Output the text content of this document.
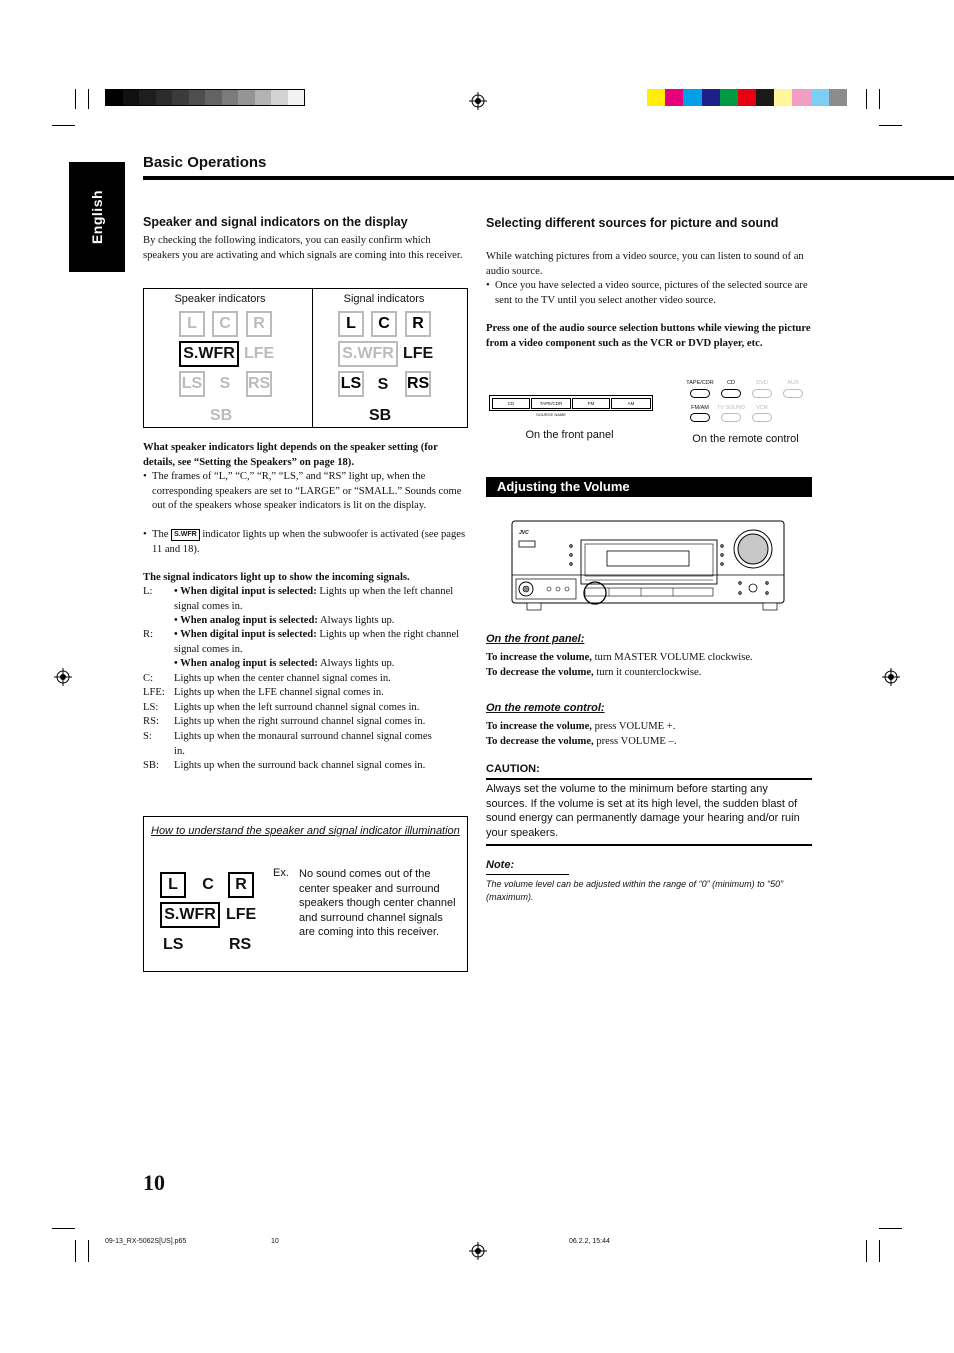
English
Basic Operations
Speaker and signal indicators on the display
By checking the following indicators, you can easily confirm which speakers you are activating and which signals are coming into this receiver.
Speaker indicators	Signal indicators
L	C	R
S.WFR LFE
LS S RS
SB
L	C	R
S.WFR LFE
LS S RS
SB
What speaker indicators light depends on the speaker setting (for details, see “Setting the Speakers” on page 18).
• The frames of “L,” “C,” “R,” “LS,” and “RS” light up, when the corresponding speakers are set to “LARGE” or “SMALL.” Sounds come out of the speakers whose speaker indicators is lit on the display.
• The S.WFR indicator lights up when the subwoofer is activated (see pages 11 and 18).
The signal indicators light up to show the incoming signals.
L: • When digital input is selected: Lights up when the left channel signal comes in.
• When analog input is selected: Always lights up.
R: • When digital input is selected: Lights up when the right channel signal comes in.
• When analog input is selected: Always lights up.
C: Lights up when the center channel signal comes in.
LFE: Lights up when the LFE channel signal comes in.
LS: Lights up when the left surround channel signal comes in.
RS: Lights up when the right surround channel signal comes in.
S: Lights up when the monaural surround channel signal comes in.
SB: Lights up when the surround back channel signal comes in.
How to understand the speaker and signal indicator illumination
L	C	R
S.WFR LFE
LS	RS
Ex. No sound comes out of the center speaker and surround speakers though center channel and surround channel signals are coming into this receiver.
Selecting different sources for picture and sound
While watching pictures from a video source, you can listen to sound of an audio source.
• Once you have selected a video source, pictures of the selected source are sent to the TV until you select another video source.
Press one of the audio source selection buttons while viewing the picture from a video component such as the VCR or DVD player, etc.
CD	TAPE/CDR	FM	AM
SOURCE NAME
On the front panel
TAPE/CDR	CD	DVD	AUX
FM/AM	TV SOUND	VCR
On the remote control
Adjusting the Volume
JVC
On the front panel:
To increase the volume, turn MASTER VOLUME clockwise.
To decrease the volume, turn it counterclockwise.
On the remote control:
To increase the volume, press VOLUME +.
To decrease the volume, press VOLUME –.
CAUTION:
Always set the volume to the minimum before starting any sources. If the volume is set at its high level, the sudden blast of sound energy can permanently damage your hearing and/or ruin your speakers.
Note:
The volume level can be adjusted within the range of “0” (minimum) to “50” (maximum).
10
09-13_RX-5062S[US].p65	10	06.2.2, 15:44
